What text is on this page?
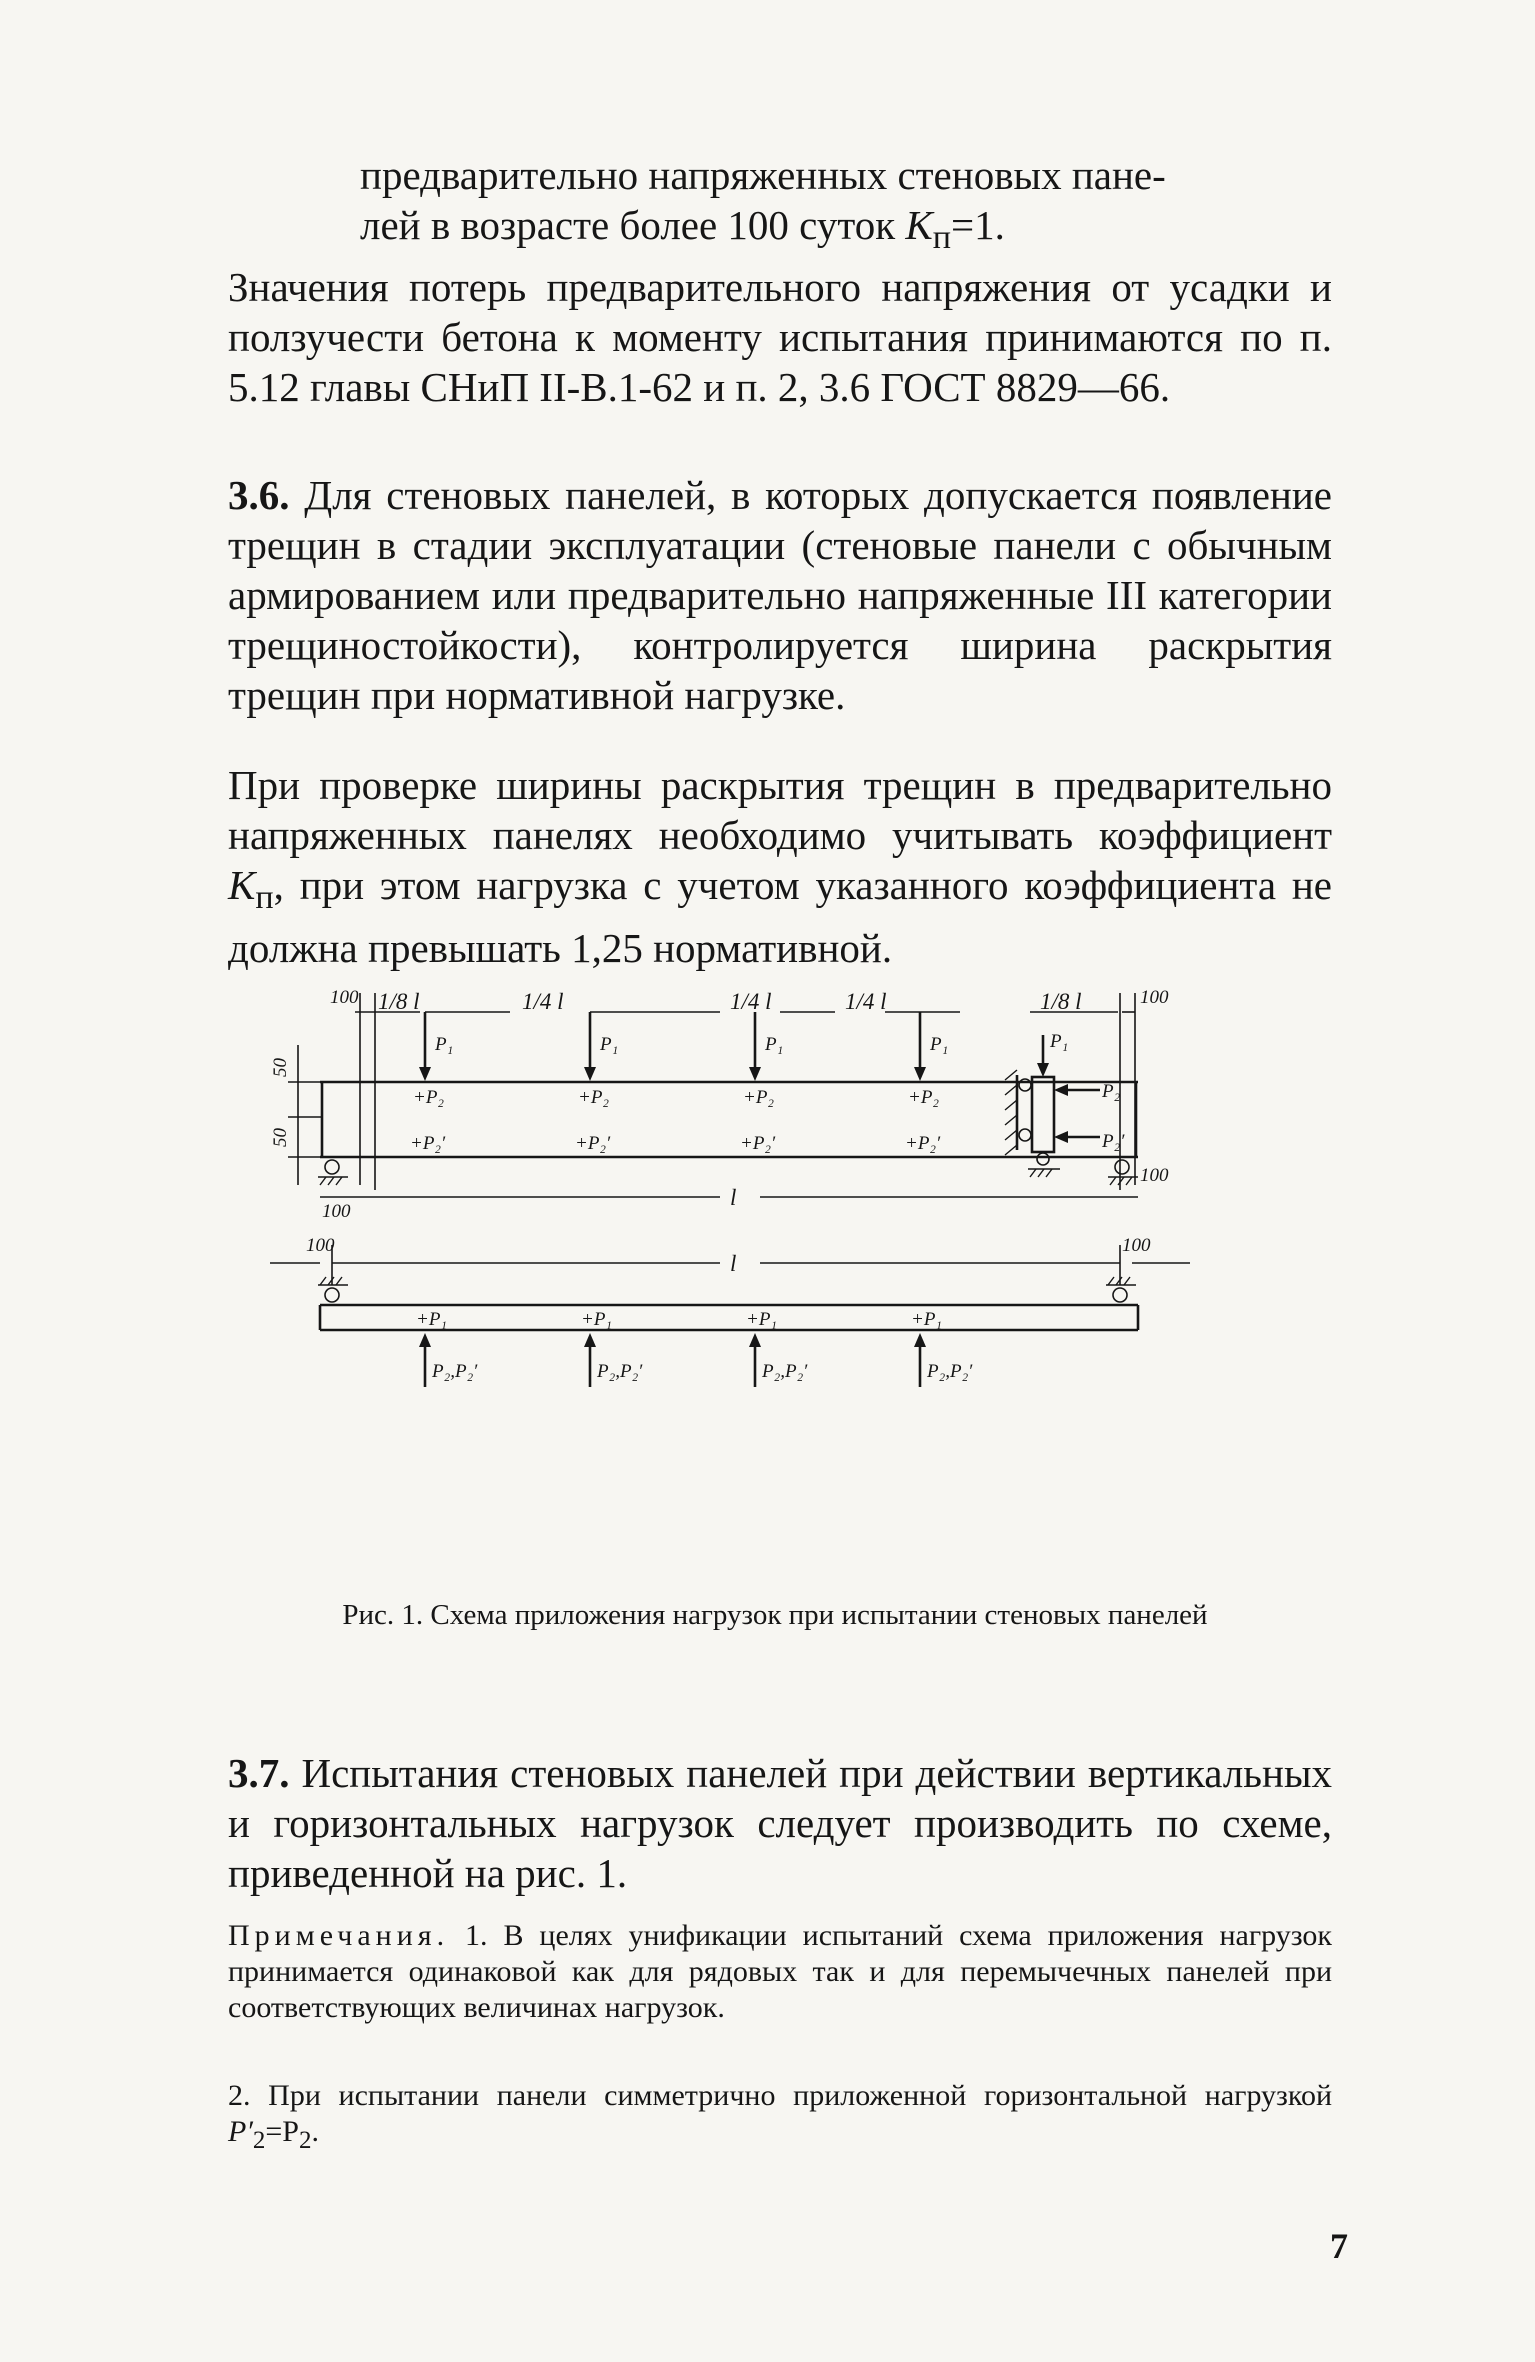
предварительно напряженных стеновых пане-
лей в возрасте более 100 суток $K_п=1$.

Значения потерь предварительного напряжения от усадки и ползучести бетона к моменту испытания принимаются по п. 5.12 главы СНиП II-B.1-62 и п. 2, 3.6 ГОСТ 8829—66.

3.6. Для стеновых панелей, в которых допускается появление трещин в стадии эксплуатации (стеновые панели с обычным армированием или предварительно напряженные III категории трещиностойкости), контролируется ширина раскрытия трещин при нормативной нагрузке.

При проверке ширины раскрытия трещин в предварительно напряженных панелях необходимо учитывать коэффициент $K_п$, при этом нагрузка с учетом указанного коэффициента не должна превышать 1,25 нормативной.

100 1/8 l	1/4 l	1/4 l	1/4 l	1/8 l	100
P₁	P₁	P₁	P₁
+P₂	+P₂	+P₂	+P₂
+P₂′	+P₂′	+P₂′	+P₂′
50
50
l
100
100
P₁
P₂
P₂′
100
l
100
+P₁	+P₁	+P₁	+P₁
P₂,P₂′	P₂,P₂′	P₂,P₂′	P₂,P₂′

Рис. 1. Схема приложения нагрузок при испытании стеновых панелей

3.7. Испытания стеновых панелей при действии вертикальных и горизонтальных нагрузок следует производить по схеме, приведенной на рис. 1.

Примечания. 1. В целях унификации испытаний схема приложения нагрузок принимается одинаковой как для рядовых так и для перемычечных панелей при соответствующих величинах нагрузок.

2. При испытании панели симметрично приложенной горизонтальной нагрузкой $P'_2=P_2$.

7
